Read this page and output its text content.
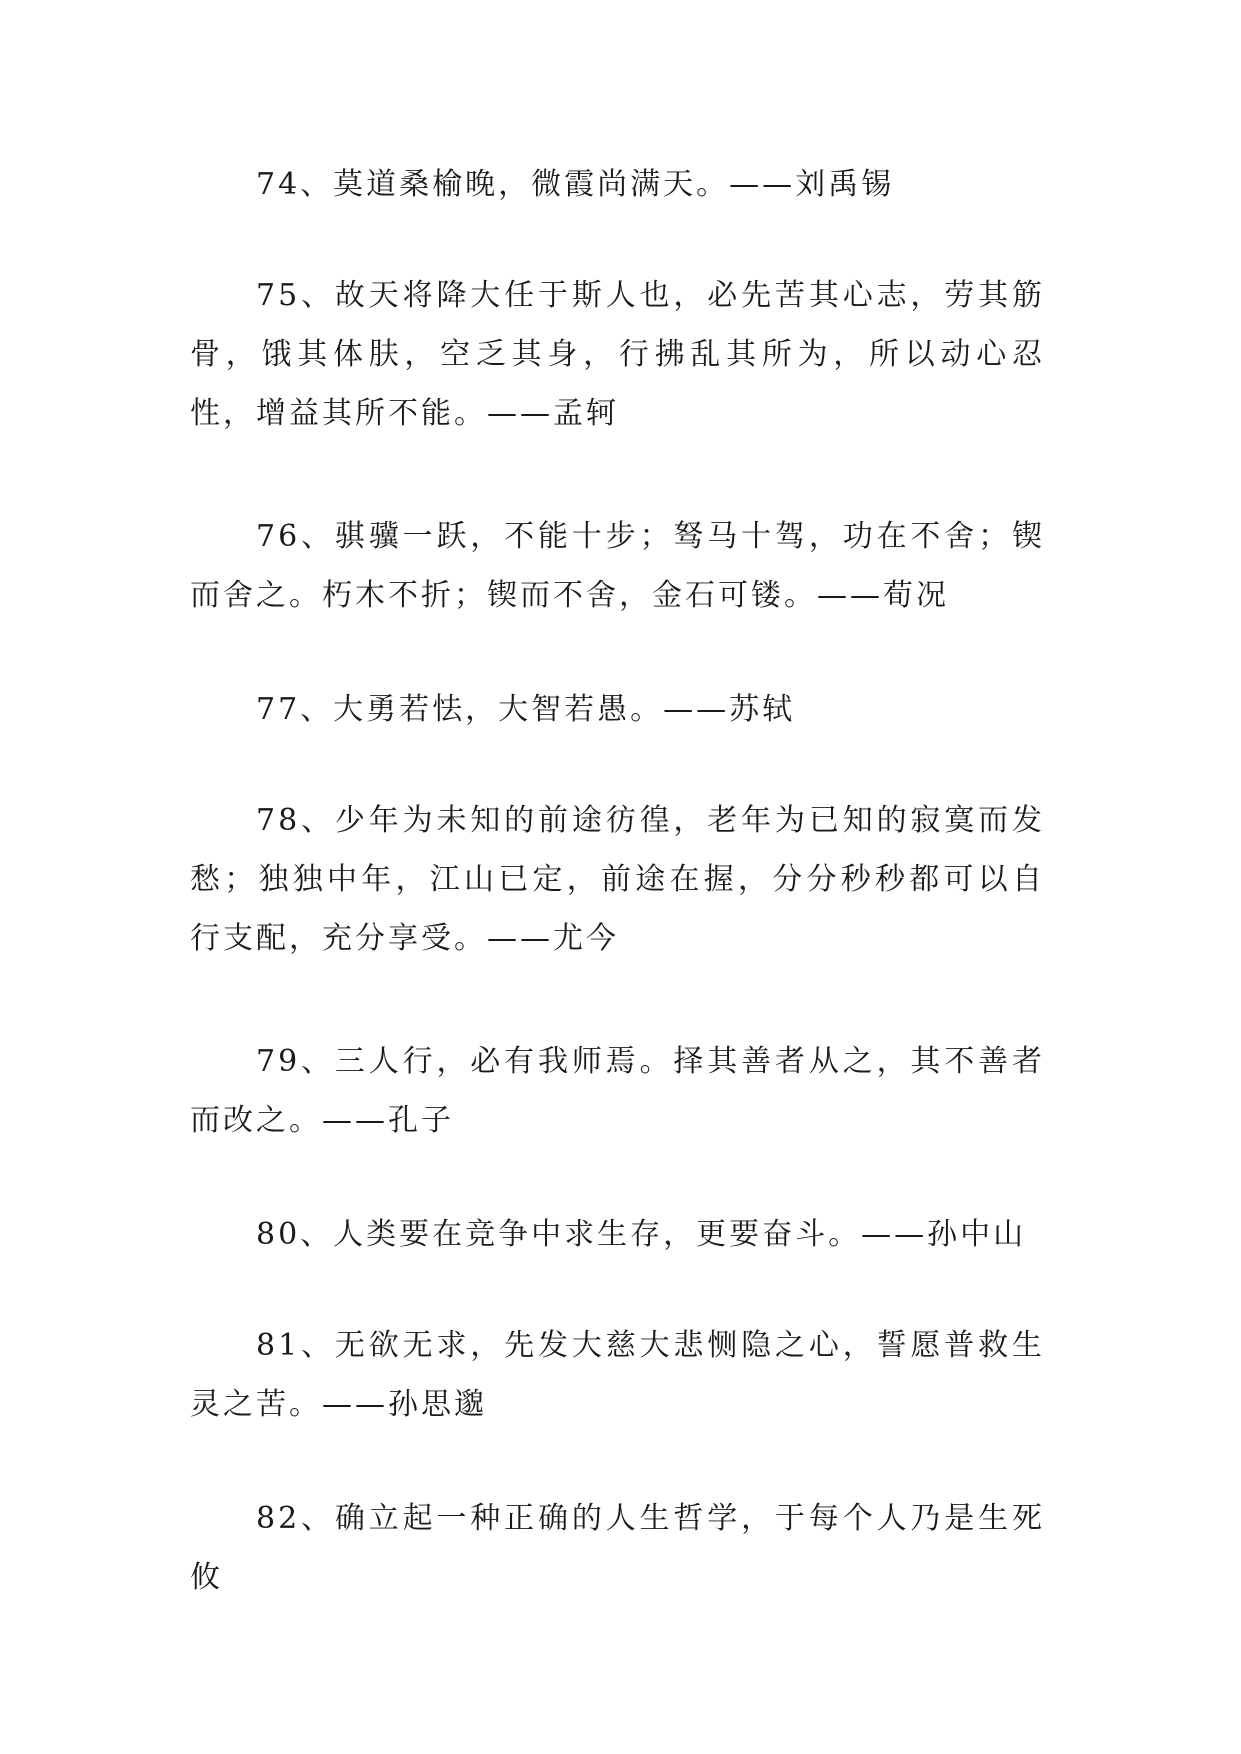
74、莫道桑榆晚，微霞尚满天。——刘禹锡

75、故天将降大任于斯人也，必先苦其心志，劳其筋骨，饿其体肤，空乏其身，行拂乱其所为，所以动心忍性，增益其所不能。——孟轲

76、骐骥一跃，不能十步；驽马十驾，功在不舍；锲而舍之。朽木不折；锲而不舍，金石可镂。——荀况

77、大勇若怯，大智若愚。——苏轼

78、少年为未知的前途彷徨，老年为已知的寂寞而发愁；独独中年，江山已定，前途在握，分分秒秒都可以自行支配，充分享受。——尤今

79、三人行，必有我师焉。择其善者从之，其不善者而改之。——孔子

80、人类要在竞争中求生存，更要奋斗。——孙中山

81、无欲无求，先发大慈大悲恻隐之心，誓愿普救生灵之苦。——孙思邈

82、确立起一种正确的人生哲学，于每个人乃是生死攸
